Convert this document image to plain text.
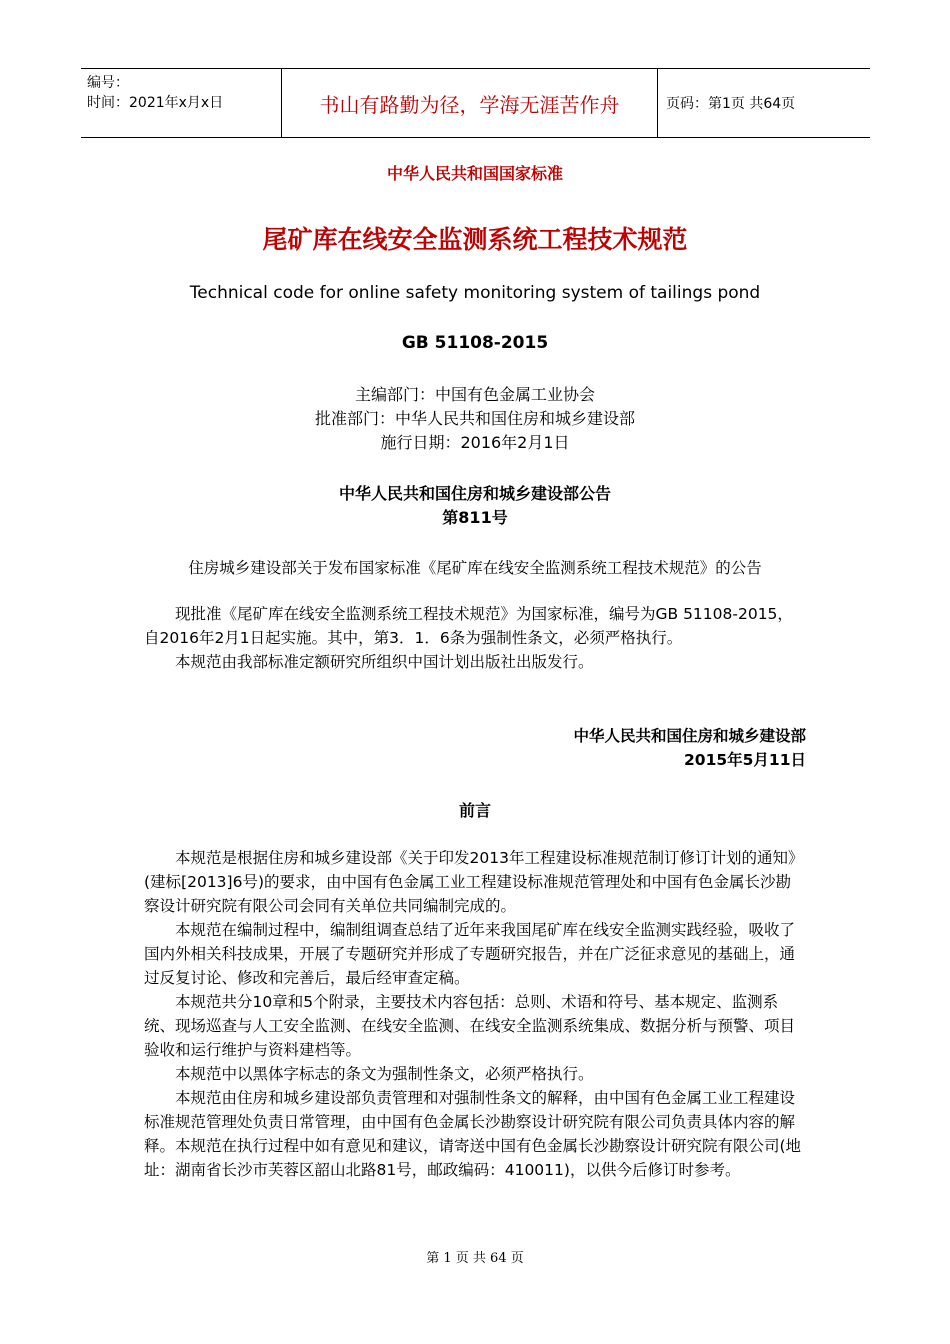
编号：
时间：2021年x月x日	书山有路勤为径，学海无涯苦作舟	页码：第1页 共64页
中华人民共和国国家标准
尾矿库在线安全监测系统工程技术规范
Technical code for online safety monitoring system of tailings pond
GB 51108-2015
主编部门：中国有色金属工业协会
批准部门：中华人民共和国住房和城乡建设部
施行日期：2016年2月1日
中华人民共和国住房和城乡建设部公告
第811号
住房城乡建设部关于发布国家标准《尾矿库在线安全监测系统工程技术规范》的公告

现批准《尾矿库在线安全监测系统工程技术规范》为国家标准，编号为GB 51108-2015，自2016年2月1日起实施。其中，第3．1．6条为强制性条文，必须严格执行。

本规范由我部标准定额研究所组织中国计划出版社出版发行。

中华人民共和国住房和城乡建设部
2015年5月11日
前言

本规范是根据住房和城乡建设部《关于印发2013年工程建设标准规范制订修订计划的通知》(建标[2013]6号)的要求，由中国有色金属工业工程建设标准规范管理处和中国有色金属长沙勘察设计研究院有限公司会同有关单位共同编制完成的。

本规范在编制过程中，编制组调查总结了近年来我国尾矿库在线安全监测实践经验，吸收了国内外相关科技成果，开展了专题研究并形成了专题研究报告，并在广泛征求意见的基础上，通过反复讨论、修改和完善后，最后经审查定稿。

本规范共分10章和5个附录，主要技术内容包括：总则、术语和符号、基本规定、监测系统、现场巡查与人工安全监测、在线安全监测、在线安全监测系统集成、数据分析与预警、项目验收和运行维护与资料建档等。

本规范中以黑体字标志的条文为强制性条文，必须严格执行。

本规范由住房和城乡建设部负责管理和对强制性条文的解释，由中国有色金属工业工程建设标准规范管理处负责日常管理，由中国有色金属长沙勘察设计研究院有限公司负责具体内容的解释。本规范在执行过程中如有意见和建议，请寄送中国有色金属长沙勘察设计研究院有限公司(地址：湖南省长沙市芙蓉区韶山北路81号，邮政编码：410011)，以供今后修订时参考。

第 1 页 共 64 页
